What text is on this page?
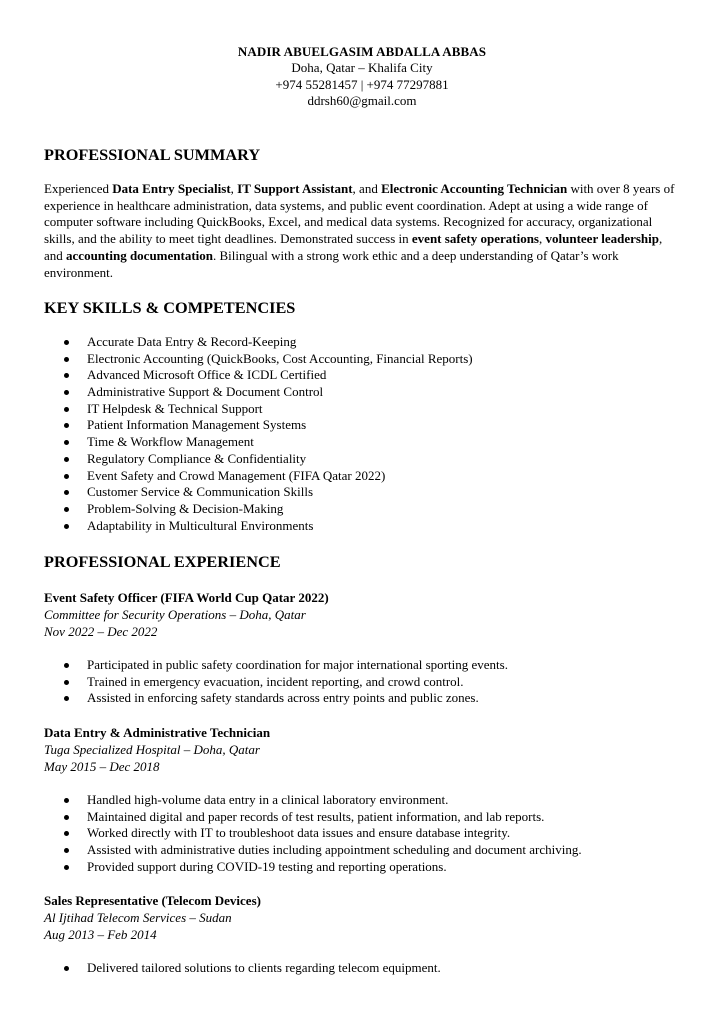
NADIR ABUELGASIM ABDALLA ABBAS
Doha, Qatar – Khalifa City
+974 55281457 | +974 77297881
ddrsh60@gmail.com
PROFESSIONAL SUMMARY
Experienced Data Entry Specialist, IT Support Assistant, and Electronic Accounting Technician with over 8 years of experience in healthcare administration, data systems, and public event coordination. Adept at using a wide range of computer software including QuickBooks, Excel, and medical data systems. Recognized for accuracy, organizational skills, and the ability to meet tight deadlines. Demonstrated success in event safety operations, volunteer leadership, and accounting documentation. Bilingual with a strong work ethic and a deep understanding of Qatar’s work environment.
KEY SKILLS & COMPETENCIES
Accurate Data Entry & Record-Keeping
Electronic Accounting (QuickBooks, Cost Accounting, Financial Reports)
Advanced Microsoft Office & ICDL Certified
Administrative Support & Document Control
IT Helpdesk & Technical Support
Patient Information Management Systems
Time & Workflow Management
Regulatory Compliance & Confidentiality
Event Safety and Crowd Management (FIFA Qatar 2022)
Customer Service & Communication Skills
Problem-Solving & Decision-Making
Adaptability in Multicultural Environments
PROFESSIONAL EXPERIENCE
Event Safety Officer (FIFA World Cup Qatar 2022)
Committee for Security Operations – Doha, Qatar
Nov 2022 – Dec 2022
Participated in public safety coordination for major international sporting events.
Trained in emergency evacuation, incident reporting, and crowd control.
Assisted in enforcing safety standards across entry points and public zones.
Data Entry & Administrative Technician
Tuga Specialized Hospital – Doha, Qatar
May 2015 – Dec 2018
Handled high-volume data entry in a clinical laboratory environment.
Maintained digital and paper records of test results, patient information, and lab reports.
Worked directly with IT to troubleshoot data issues and ensure database integrity.
Assisted with administrative duties including appointment scheduling and document archiving.
Provided support during COVID-19 testing and reporting operations.
Sales Representative (Telecom Devices)
Al Ijtihad Telecom Services – Sudan
Aug 2013 – Feb 2014
Delivered tailored solutions to clients regarding telecom equipment.
